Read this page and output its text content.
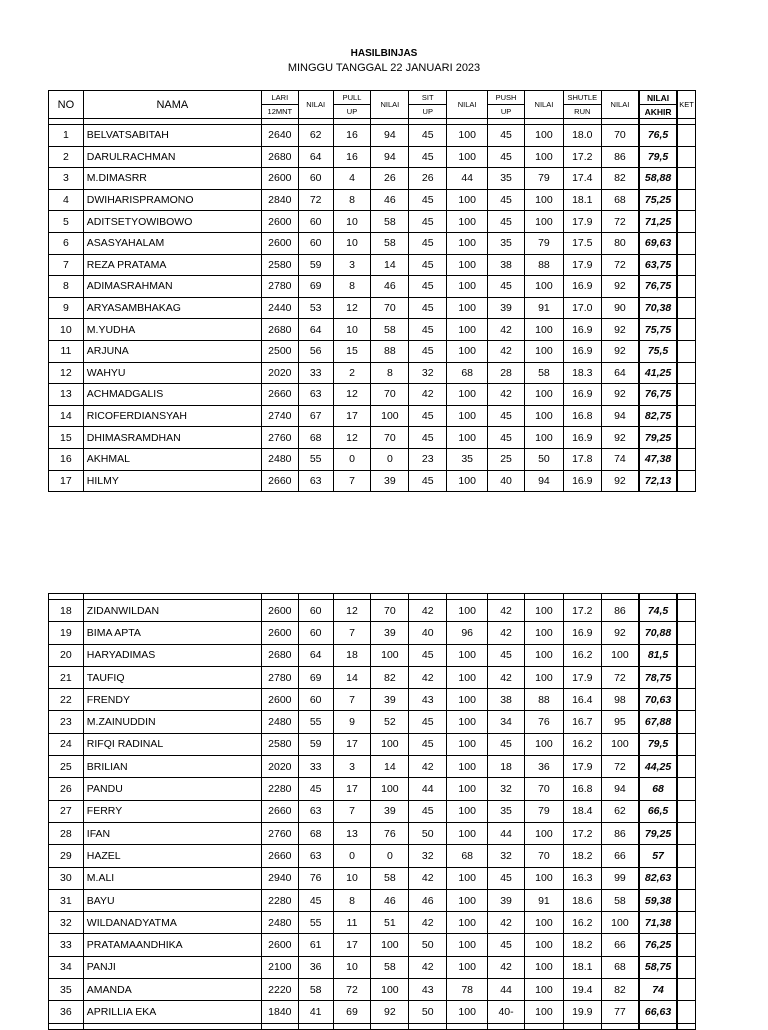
HASILBINJAS
MINGGU TANGGAL 22 JANUARI 2023
NO	NAMA	LARI	NILAI	PULL	NILAI	SIT	NILAI	PUSH	NILAI	SHUTLE	NILAI	NILAI	KET
		12MNT		UP		UP		UP		RUN		AKHIR	

1	BELVATSABITAH	2640	62	16	94	45	100	45	100	18.0	70	76,5	
2	DARULRACHMAN	2680	64	16	94	45	100	45	100	17.2	86	79,5	
3	M.DIMASRR	2600	60	4	26	26	44	35	79	17.4	82	58,88	
4	DWIHARISPRAMONO	2840	72	8	46	45	100	45	100	18.1	68	75,25	
5	ADITSETYOWIBOWO	2600	60	10	58	45	100	45	100	17.9	72	71,25	
6	ASASYAHALAM	2600	60	10	58	45	100	35	79	17.5	80	69,63	
7	REZA PRATAMA	2580	59	3	14	45	100	38	88	17.9	72	63,75	
8	ADIMASRAHMAN	2780	69	8	46	45	100	45	100	16.9	92	76,75	
9	ARYASAMBHAKAG	2440	53	12	70	45	100	39	91	17.0	90	70,38	
10	M.YUDHA	2680	64	10	58	45	100	42	100	16.9	92	75,75	
11	ARJUNA	2500	56	15	88	45	100	42	100	16.9	92	75,5	
12	WAHYU	2020	33	2	8	32	68	28	58	18.3	64	41,25	
13	ACHMADGALIS	2660	63	12	70	42	100	42	100	16.9	92	76,75	
14	RICOFERDIANSYAH	2740	67	17	100	45	100	45	100	16.8	94	82,75	
15	DHIMASRAMDHAN	2760	68	12	70	45	100	45	100	16.9	92	79,25	
16	AKHMAL	2480	55	0	0	23	35	25	50	17.8	74	47,38	
17	HILMY	2660	63	7	39	45	100	40	94	16.9	92	72,13	

18	ZIDANWILDAN	2600	60	12	70	42	100	42	100	17.2	86	74,5	
19	BIMA APTA	2600	60	7	39	40	96	42	100	16.9	92	70,88	
20	HARYADIMAS	2680	64	18	100	45	100	45	100	16.2	100	81,5	
21	TAUFIQ	2780	69	14	82	42	100	42	100	17.9	72	78,75	
22	FRENDY	2600	60	7	39	43	100	38	88	16.4	98	70,63	
23	M.ZAINUDDIN	2480	55	9	52	45	100	34	76	16.7	95	67,88	
24	RIFQI RADINAL	2580	59	17	100	45	100	45	100	16.2	100	79,5	
25	BRILIAN	2020	33	3	14	42	100	18	36	17.9	72	44,25	
26	PANDU	2280	45	17	100	44	100	32	70	16.8	94	68	
27	FERRY	2660	63	7	39	45	100	35	79	18.4	62	66,5	
28	IFAN	2760	68	13	76	50	100	44	100	17.2	86	79,25	
29	HAZEL	2660	63	0	0	32	68	32	70	18.2	66	57	
30	M.ALI	2940	76	10	58	42	100	45	100	16.3	99	82,63	
31	BAYU	2280	45	8	46	46	100	39	91	18.6	58	59,38	
32	WILDANADYATMA	2480	55	11	51	42	100	42	100	16.2	100	71,38	
33	PRATAMAANDHIKA	2600	61	17	100	50	100	45	100	18.2	66	76,25	
34	PANJI	2100	36	10	58	42	100	42	100	18.1	68	58,75	
35	AMANDA	2220	58	72	100	43	78	44	100	19.4	82	74	
36	APRILLIA EKA	1840	41	69	92	50	100	40-	100	19.9	77	66,63	
